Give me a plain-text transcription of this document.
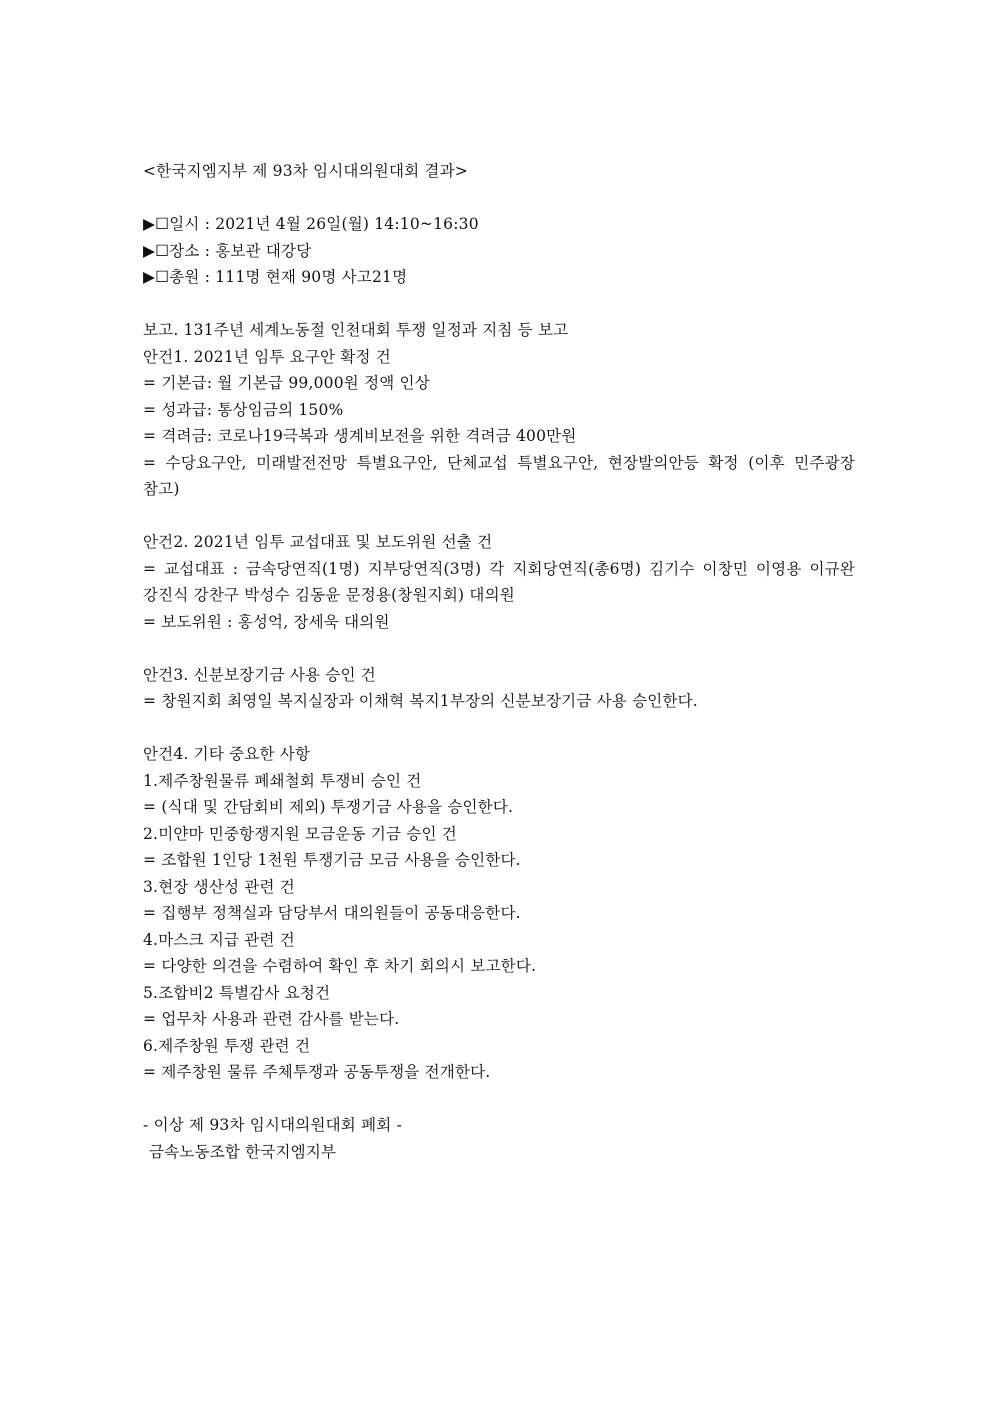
<한국지엠지부 제 93차 임시대의원대회 결과>
▶☐일시 : 2021년 4월 26일(월) 14:10~16:30
▶☐장소 : 홍보관 대강당
▶☐총원 : 111명 현재 90명 사고21명
보고. 131주년 세계노동절 인천대회 투쟁 일정과 지침 등 보고
안건1. 2021년 임투 요구안 확정 건
= 기본급: 월 기본급 99,000원 정액 인상
= 성과급: 통상임금의 150%
= 격려금: 코로나19극복과 생계비보전을 위한 격려금 400만원
= 수당요구안, 미래발전전망 특별요구안, 단체교섭 특별요구안, 현장발의안등 확정 (이후 민주광장 참고)
안건2. 2021년 임투 교섭대표 및 보도위원 선출 건
= 교섭대표 : 금속당연직(1명) 지부당연직(3명) 각 지회당연직(총6명) 김기수 이창민 이영용 이규완 강진식 강찬구 박성수 김동윤 문정용(창원지회) 대의원
= 보도위원 : 홍성억, 장세욱 대의원
안건3. 신분보장기금 사용 승인 건
= 창원지회 최영일 복지실장과 이채혁 복지1부장의 신분보장기금 사용 승인한다.
안건4. 기타 중요한 사항
1.제주창원물류 폐쇄철회 투쟁비 승인 건
= (식대 및 간담회비 제외) 투쟁기금 사용을 승인한다.
2.미얀마 민중항쟁지원 모금운동 기금 승인 건
= 조합원 1인당 1천원 투쟁기금 모금 사용을 승인한다.
3.현장 생산성 관련 건
= 집행부 정책실과 담당부서 대의원들이 공동대응한다.
4.마스크 지급 관련 건
= 다양한 의견을 수렴하여 확인 후 차기 회의시 보고한다.
5.조합비2 특별감사 요청건
= 업무차 사용과 관련 감사를 받는다.
6.제주창원 투쟁 관련 건
= 제주창원 물류 주체투쟁과 공동투쟁을 전개한다.
- 이상 제 93차 임시대의원대회 폐회 -
금속노동조합 한국지엠지부
